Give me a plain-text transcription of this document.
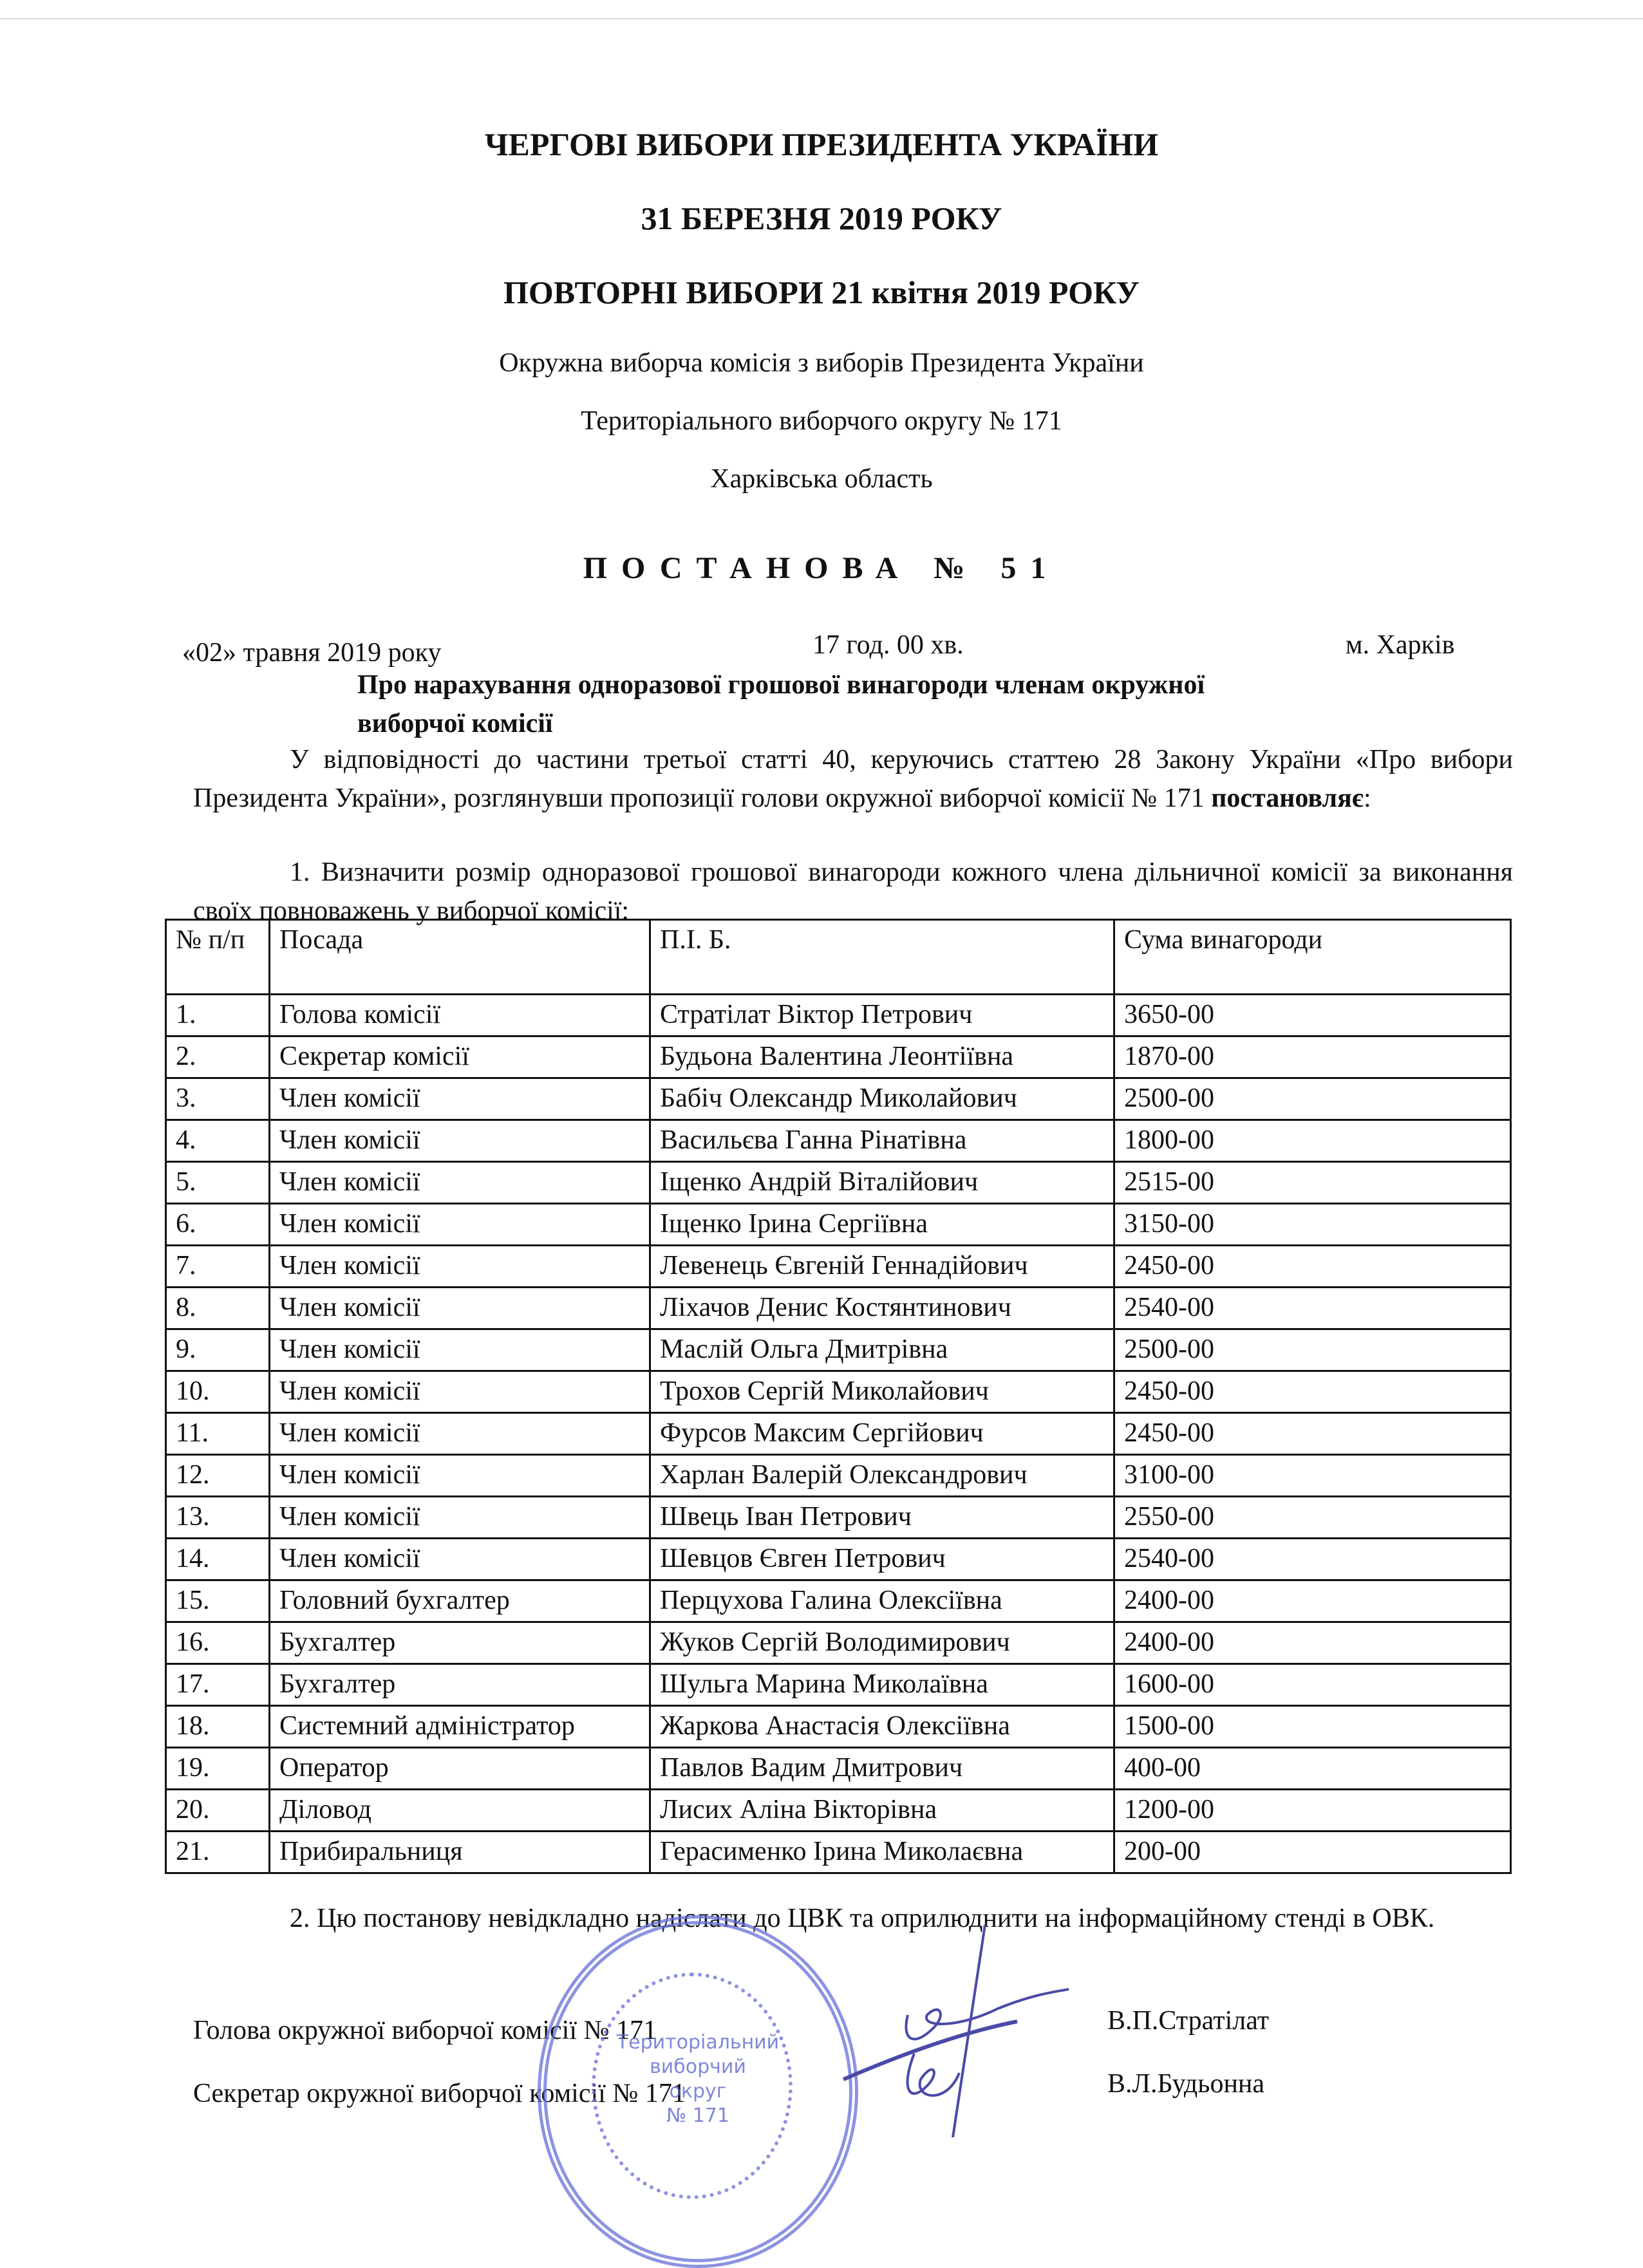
ЧЕРГОВІ ВИБОРИ ПРЕЗИДЕНТА УКРАЇНИ
31 БЕРЕЗНЯ 2019 РОКУ
ПОВТОРНІ ВИБОРИ 21 квітня 2019 РОКУ
Окружна виборча комісія з виборів Президента України
Територіального виборчого округу № 171
Харківська область
ПОСТАНОВА № 51
«02» травня 2019 року	17 год. 00 хв.	м. Харків
Про нарахування одноразової грошової винагороди членам окружної
виборчої комісії
У відповідності до частини третьої статті 40, керуючись статтею 28 Закону України «Про вибори Президента України», розглянувши пропозиції голови окружної виборчої комісії № 171 постановляє:
1. Визначити розмір одноразової грошової винагороди кожного члена дільничної комісії за виконання своїх повноважень у виборчої комісії:
№ п/п	Посада	П.І. Б.	Сума винагороди
1.	Голова комісії	Стратілат Віктор Петрович	3650-00
2.	Секретар комісії	Будьона Валентина Леонтіївна	1870-00
3.	Член комісії	Бабіч Олександр Миколайович	2500-00
4.	Член комісії	Васильєва Ганна Рінатівна	1800-00
5.	Член комісії	Іщенко Андрій Віталійович	2515-00
6.	Член комісії	Іщенко Ірина Сергіївна	3150-00
7.	Член комісії	Левенець Євгеній Геннадійович	2450-00
8.	Член комісії	Ліхачов Денис Костянтинович	2540-00
9.	Член комісії	Маслій Ольга Дмитрівна	2500-00
10.	Член комісії	Трохов Сергій Миколайович	2450-00
11.	Член комісії	Фурсов Максим Сергійович	2450-00
12.	Член комісії	Харлан Валерій Олександрович	3100-00
13.	Член комісії	Швець Іван Петрович	2550-00
14.	Член комісії	Шевцов Євген Петрович	2540-00
15.	Головний бухгалтер	Перцухова Галина Олексіївна	2400-00
16.	Бухгалтер	Жуков Сергій Володимирович	2400-00
17.	Бухгалтер	Шульга Марина Миколаївна	1600-00
18.	Системний адміністратор	Жаркова Анастасія Олексіївна	1500-00
19.	Оператор	Павлов Вадим Дмитрович	400-00
20.	Діловод	Лисих Аліна Вікторівна	1200-00
21.	Прибиральниця	Герасименко Ірина Миколаєвна	200-00
2. Цю постанову невідкладно надіслати до ЦВК та оприлюднити на інформаційному стенді в ОВК.
Голова окружної виборчої комісії № 171	В.П.Стратілат
Секретар окружної виборчої комісії № 171	В.Л.Будьонна
Територіальний
виборчий
округ
№ 171
